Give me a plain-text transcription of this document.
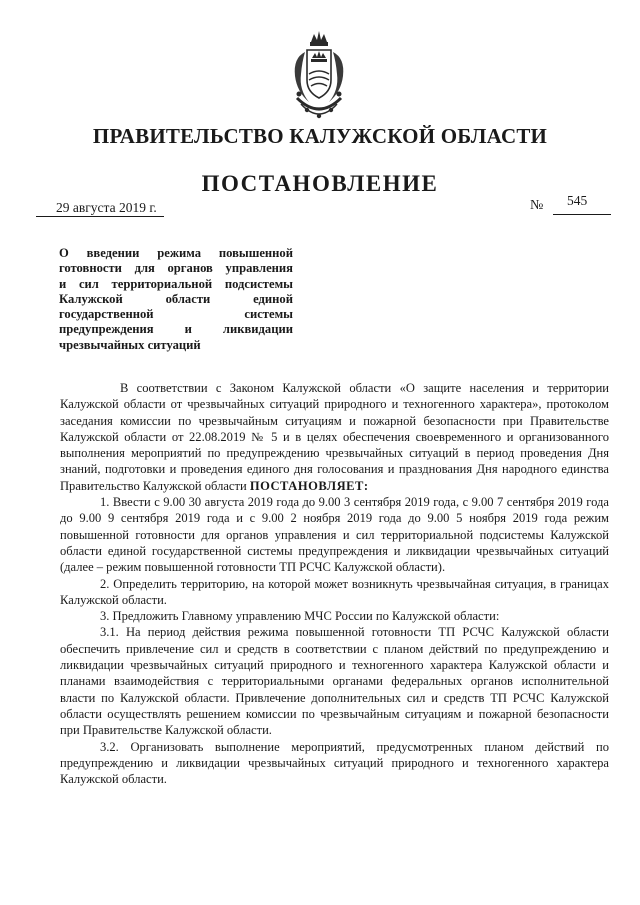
ПРАВИТЕЛЬСТВО КАЛУЖСКОЙ ОБЛАСТИ
ПОСТАНОВЛЕНИЕ
29 августа 2019 г.	№ 545
О введении режима повышенной
готовности для органов управления
и сил территориальной подсистемы
Калужской области единой
государственной системы
предупреждения и ликвидации
чрезвычайных ситуаций

В соответствии с Законом Калужской области «О защите населения и территории Калужской области от чрезвычайных ситуаций природного и техногенного характера», протоколом заседания комиссии по чрезвычайным ситуациям и пожарной безопасности при Правительстве Калужской области от 22.08.2019 № 5 и в целях обеспечения своевременного и организованного выполнения мероприятий по предупреждению чрезвычайных ситуаций в период проведения Дня знаний, подготовки и проведения единого дня голосования и празднования Дня народного единства Правительство Калужской области ПОСТАНОВЛЯЕТ:

1. Ввести с 9.00 30 августа 2019 года до 9.00 3 сентября 2019 года, с 9.00 7 сентября 2019 года до 9.00 9 сентября 2019 года и с 9.00 2 ноября 2019 года до 9.00 5 ноября 2019 года режим повышенной готовности для органов управления и сил территориальной подсистемы Калужской области единой государственной системы предупреждения и ликвидации чрезвычайных ситуаций (далее – режим повышенной готовности ТП РСЧС Калужской области).

2. Определить территорию, на которой может возникнуть чрезвычайная ситуация, в границах Калужской области.

3. Предложить Главному управлению МЧС России по Калужской области:

3.1. На период действия режима повышенной готовности ТП РСЧС Калужской области обеспечить привлечение сил и средств в соответствии с планом действий по предупреждению и ликвидации чрезвычайных ситуаций природного и техногенного характера Калужской области и планами взаимодействия с территориальными органами федеральных органов исполнительной власти по Калужской области. Привлечение дополнительных сил и средств ТП РСЧС Калужской области осуществлять решением комиссии по чрезвычайным ситуациям и пожарной безопасности при Правительстве Калужской области.

3.2. Организовать выполнение мероприятий, предусмотренных планом действий по предупреждению и ликвидации чрезвычайных ситуаций природного и техногенного характера Калужской области.
